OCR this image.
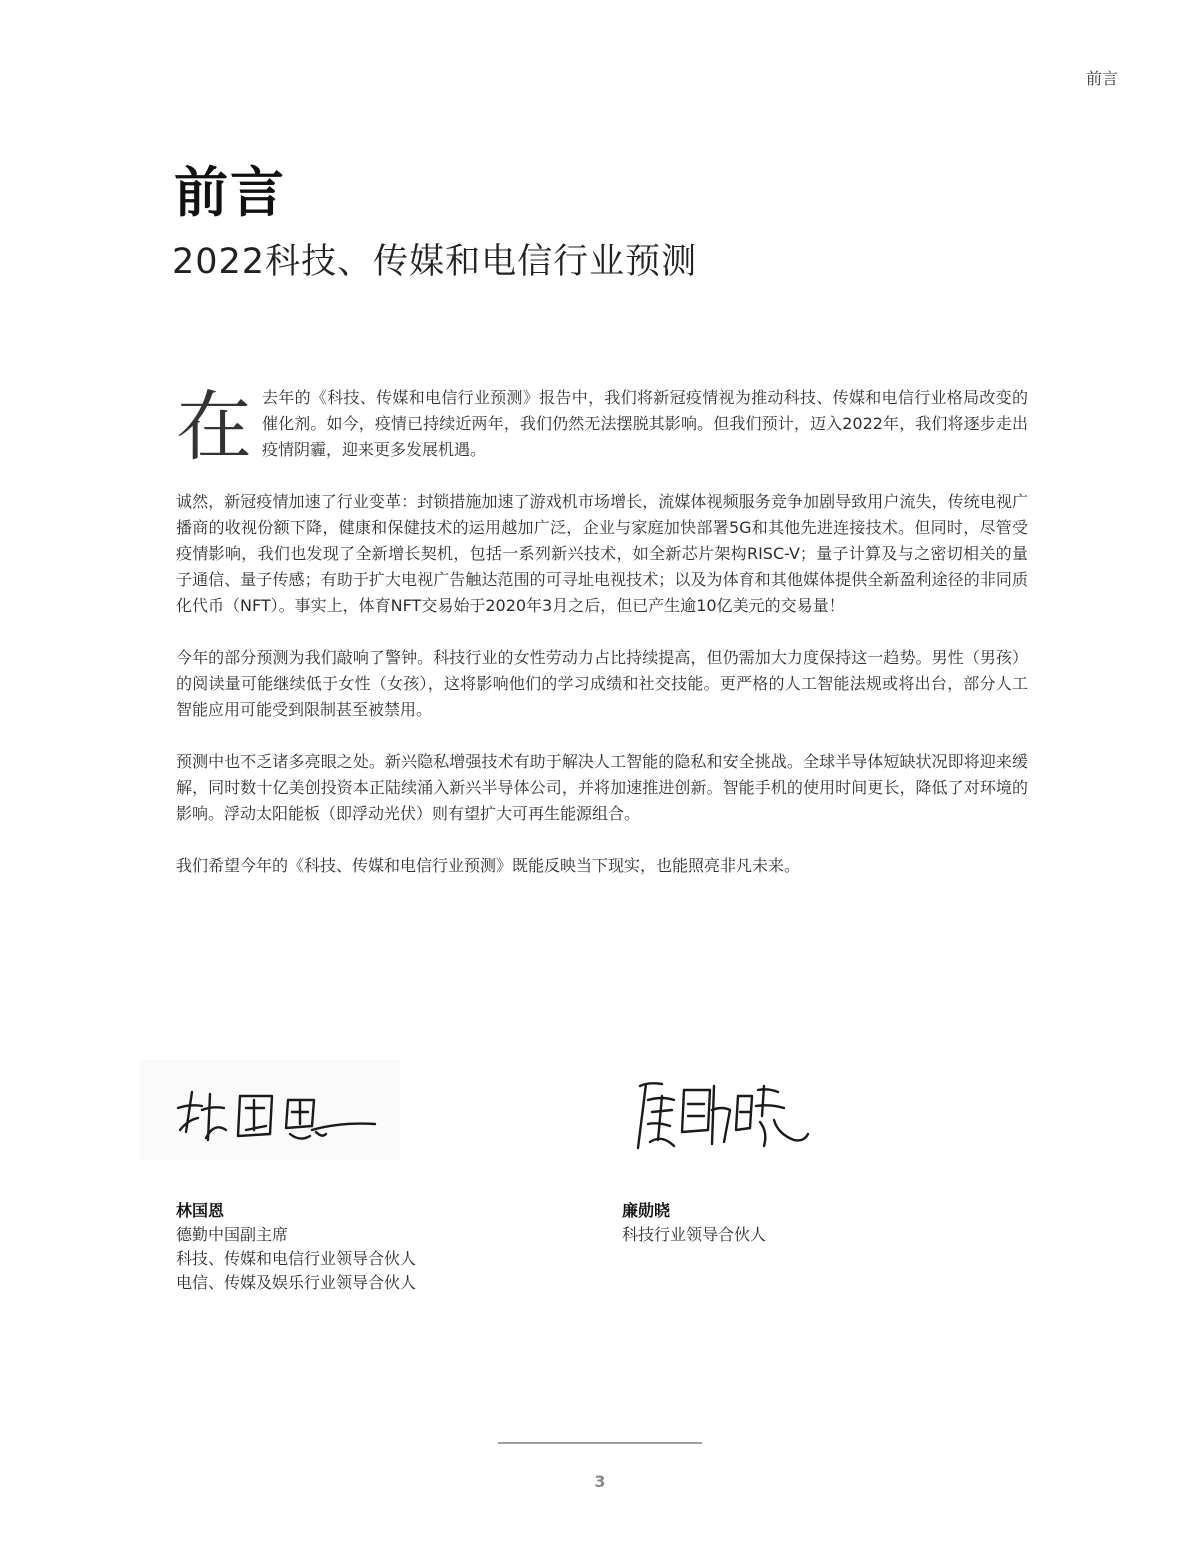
前言
前言
2022科技、传媒和电信行业预测

在 去年的《科技、传媒和电信行业预测》报告中，我们将新冠疫情视为推动科技、传媒和电信行业格局改变的催化剂。如今，疫情已持续近两年，我们仍然无法摆脱其影响。但我们预计，迈入2022年，我们将逐步走出疫情阴霾，迎来更多发展机遇。

诚然，新冠疫情加速了行业变革：封锁措施加速了游戏机市场增长，流媒体视频服务竞争加剧导致用户流失，传统电视广播商的收视份额下降，健康和保健技术的运用越加广泛，企业与家庭加快部署5G和其他先进连接技术。但同时，尽管受疫情影响，我们也发现了全新增长契机，包括一系列新兴技术，如全新芯片架构RISC-V；量子计算及与之密切相关的量子通信、量子传感；有助于扩大电视广告触达范围的可寻址电视技术；以及为体育和其他媒体提供全新盈利途径的非同质化代币（NFT）。事实上，体育NFT交易始于2020年3月之后，但已产生逾10亿美元的交易量！

今年的部分预测为我们敲响了警钟。科技行业的女性劳动力占比持续提高，但仍需加大力度保持这一趋势。男性（男孩）的阅读量可能继续低于女性（女孩），这将影响他们的学习成绩和社交技能。更严格的人工智能法规或将出台，部分人工智能应用可能受到限制甚至被禁用。

预测中也不乏诸多亮眼之处。新兴隐私增强技术有助于解决人工智能的隐私和安全挑战。全球半导体短缺状况即将迎来缓解，同时数十亿美创投资本正陆续涌入新兴半导体公司，并将加速推进创新。智能手机的使用时间更长，降低了对环境的影响。浮动太阳能板（即浮动光伏）则有望扩大可再生能源组合。

我们希望今年的《科技、传媒和电信行业预测》既能反映当下现实，也能照亮非凡未来。

林国恩
德勤中国副主席
科技、传媒和电信行业领导合伙人
电信、传媒及娱乐行业领导合伙人
廉勋晓
科技行业领导合伙人
3
